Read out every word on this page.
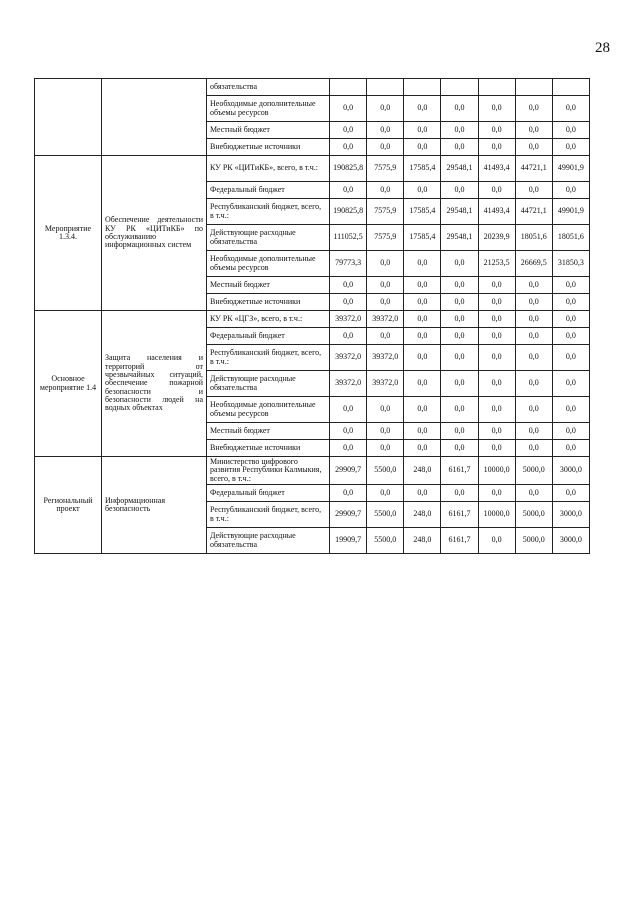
28
		обязательства							
		Необходимые дополнительные объемы ресурсов	0,0	0,0	0,0	0,0	0,0	0,0	0,0
		Местный бюджет	0,0	0,0	0,0	0,0	0,0	0,0	0,0
		Внебюджетные источники	0,0	0,0	0,0	0,0	0,0	0,0	0,0
Мероприятие 1.3.4.	Обеспечение деятельности КУ РК «ЦИТиКБ» по обслуживанию информационных систем	КУ РК «ЦИТиКБ», всего, в т.ч.:	190825,8	7575,9	17585,4	29548,1	41493,4	44721,1	49901,9
		Федеральный бюджет	0,0	0,0	0,0	0,0	0,0	0,0	0,0
		Республиканский бюджет, всего, в т.ч.:	190825,8	7575,9	17585,4	29548,1	41493,4	44721,1	49901,9
		Действующие расходные обязательства	111052,5	7575,9	17585,4	29548,1	20239,9	18051,6	18051,6
		Необходимые дополнительные объемы ресурсов	79773,3	0,0	0,0	0,0	21253,5	26669,5	31850,3
		Местный бюджет	0,0	0,0	0,0	0,0	0,0	0,0	0,0
		Внебюджетные источники	0,0	0,0	0,0	0,0	0,0	0,0	0,0
Основное мероприятие 1.4	Защита населения и территорий от чрезвычайных ситуаций, обеспечение пожарной безопасности и безопасности людей на водных объектах	КУ РК «ЦГЗ», всего, в т.ч.:	39372,0	39372,0	0,0	0,0	0,0	0,0	0,0
		Федеральный бюджет	0,0	0,0	0,0	0,0	0,0	0,0	0,0
		Республиканский бюджет, всего, в т.ч.:	39372,0	39372,0	0,0	0,0	0,0	0,0	0,0
		Действующие расходные обязательства	39372,0	39372,0	0,0	0,0	0,0	0,0	0,0
		Необходимые дополнительные объемы ресурсов	0,0	0,0	0,0	0,0	0,0	0,0	0,0
		Местный бюджет	0,0	0,0	0,0	0,0	0,0	0,0	0,0
		Внебюджетные источники	0,0	0,0	0,0	0,0	0,0	0,0	0,0
Региональный проект	Информационная безопасность	Министерство цифрового развития Республики Калмыкия, всего, в т.ч.:	29909,7	5500,0	248,0	6161,7	10000,0	5000,0	3000,0
		Федеральный бюджет	0,0	0,0	0,0	0,0	0,0	0,0	0,0
		Республиканский бюджет, всего, в т.ч.:	29909,7	5500,0	248,0	6161,7	10000,0	5000,0	3000,0
		Действующие расходные обязательства	19909,7	5500,0	248,0	6161,7	0,0	5000,0	3000,0
